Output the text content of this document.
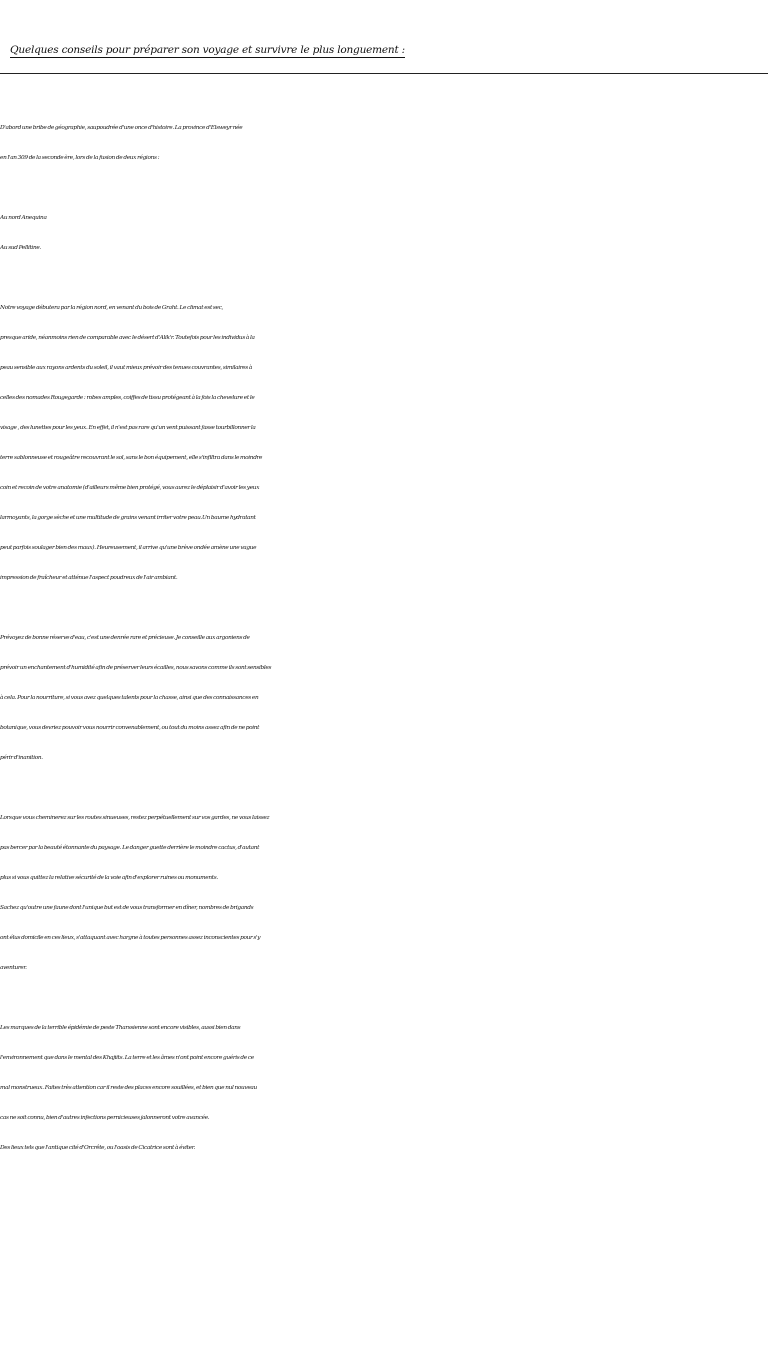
Quelques conseils pour préparer son voyage et survivre le plus longuement :
D'abord une bribe de géographie, saupoudrée d'une once d'histoire. La province d'Elsweyr née
en l'an 309 de la seconde ère, lors de la fusion de deux régions :
Au nord Anequina
Au sud Pellitine.
Notre voyage débutera par la région nord, en venant du bois de Graht. Le climat est sec,
presque aride, néanmoins rien de comparable avec le désert d'Alik'r. Toutefois pour les individus à la
peau sensible aux rayons ardents du soleil, il vaut mieux prévoir des tenues couvrantes, similaires à
celles des nomades Rougegarde : robes amples, coiffes de tissu protégeant à la fois la chevelure et le
visage , des lunettes pour les yeux. En effet, il n'est pas rare qu'un vent puissant fasse tourbillonner la
terre sablonneuse et rougeâtre recouvrant le sol, sans le bon équipement, elle s'infiltra dans le moindre
coin et recoin de votre anatomie (d'ailleurs même bien protégé, vous aurez le déplaisir d'avoir les yeux
larmoyants, la gorge sèche et une multitude de grains venant irriter votre peau.Un baume hydratant
peut parfois soulager bien des maux). Heureusement, il arrive qu'une brève ondée amène une vague
impression de fraîcheur et atténue l'aspect poudreux de l'air ambiant.
Prévoyez de bonne réserve d'eau, c'est une denrée rare et précieuse. Je conseille aux argoniens de
prévoir un enchantement d'humidité afin de préserver leurs écailles, nous savons comme ils sont sensibles
à cela. Pour la nourriture, si vous avez quelques talents pour la chasse, ainsi que des connaissances en
botanique, vous devriez pouvoir vous nourrir convenablement, ou tout du moins assez afin de ne point
périr d'inanition.
Lorsque vous cheminerez sur les routes sinueuses, restez perpétuellement sur vos gardes, ne vous laissez
pas bercer par la beauté étonnante du paysage. Le danger guette derrière le moindre cactus, d'autant
plus si vous quittez la relative sécurité de la voie afin d'explorer ruines ou monuments.
Sachez qu'outre une faune dont l'unique but est de vous transformer en dîner, nombres de brigands
ont élus domicile en ces lieux, s'attaquant avec hargne à toutes personnes assez inconscientes pour s'y
aventurer.
Les marques de la terrible épidémie de peste Tharssienne sont encore visibles, aussi bien dans
l'environnement que dans le mental des Khajiits. La terre et les âmes n'ont point encore guéris de ce
mal monstrueux. Faites très attention car il reste des places encore souillées, et bien que nul nouveau
cas ne soit connu, bien d'autres infections pernicieuses jalonneront votre avancée.
Des lieux tels que l'antique cité d'Orcrête, ou l'oasis de Cicatrice sont à éviter.
